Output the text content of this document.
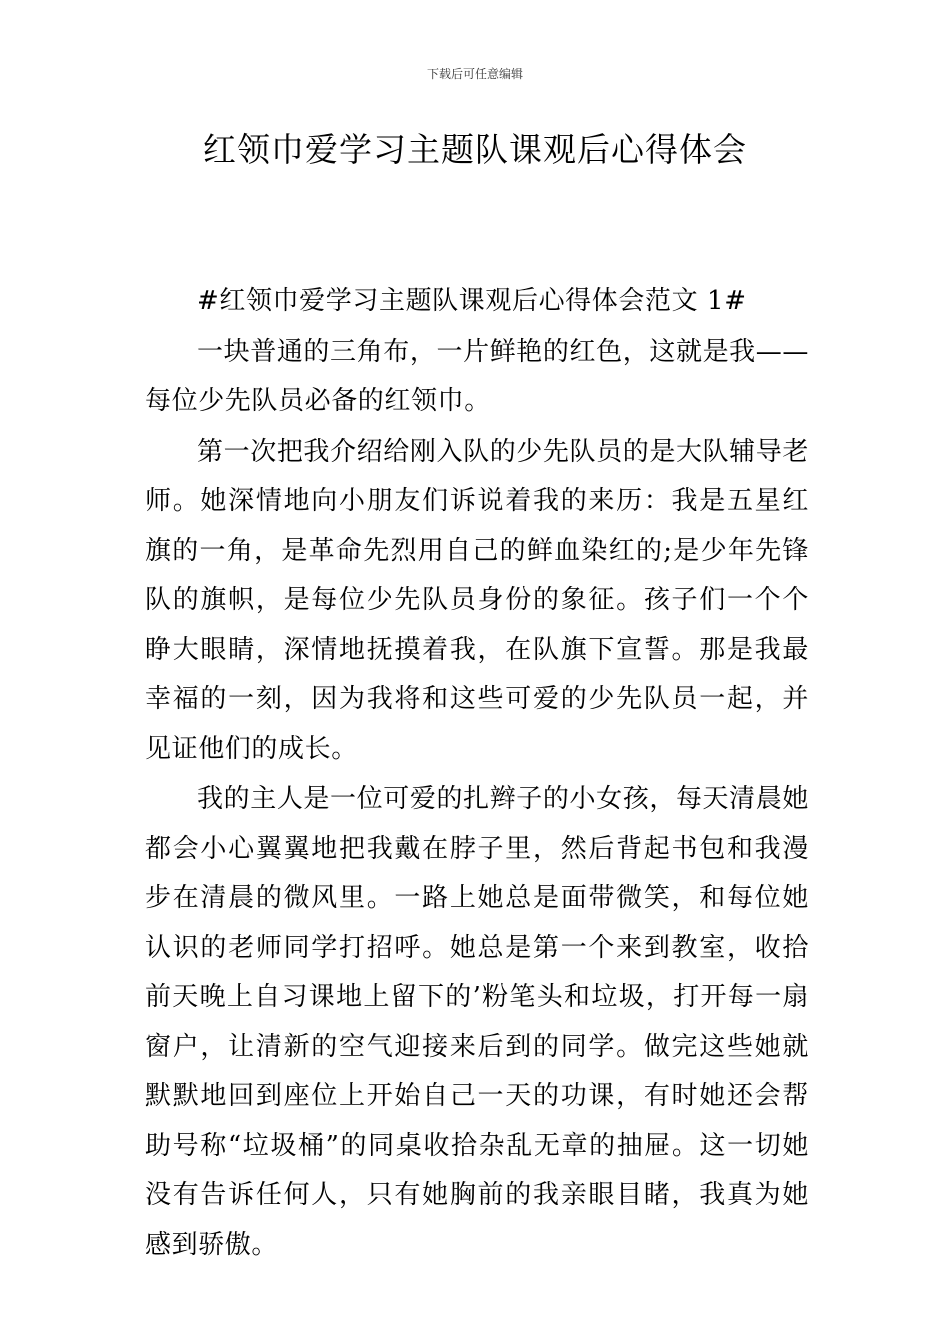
下载后可任意编辑
红领巾爱学习主题队课观后心得体会

#红领巾爱学习主题队课观后心得体会范文 1#

一块普通的三角布，一片鲜艳的红色，这就是我——每位少先队员必备的红领巾。

第一次把我介绍给刚入队的少先队员的是大队辅导老师。她深情地向小朋友们诉说着我的来历：我是五星红旗的一角，是革命先烈用自己的鲜血染红的;是少年先锋队的旗帜，是每位少先队员身份的象征。孩子们一个个睁大眼睛，深情地抚摸着我，在队旗下宣誓。那是我最幸福的一刻，因为我将和这些可爱的少先队员一起，并见证他们的成长。

我的主人是一位可爱的扎辫子的小女孩，每天清晨她都会小心翼翼地把我戴在脖子里，然后背起书包和我漫步在清晨的微风里。一路上她总是面带微笑，和每位她认识的老师同学打招呼。她总是第一个来到教室，收拾前天晚上自习课地上留下的’粉笔头和垃圾，打开每一扇窗户，让清新的空气迎接来后到的同学。做完这些她就默默地回到座位上开始自己一天的功课，有时她还会帮助号称“垃圾桶”的同桌收拾杂乱无章的抽屉。这一切她没有告诉任何人，只有她胸前的我亲眼目睹，我真为她感到骄傲。
